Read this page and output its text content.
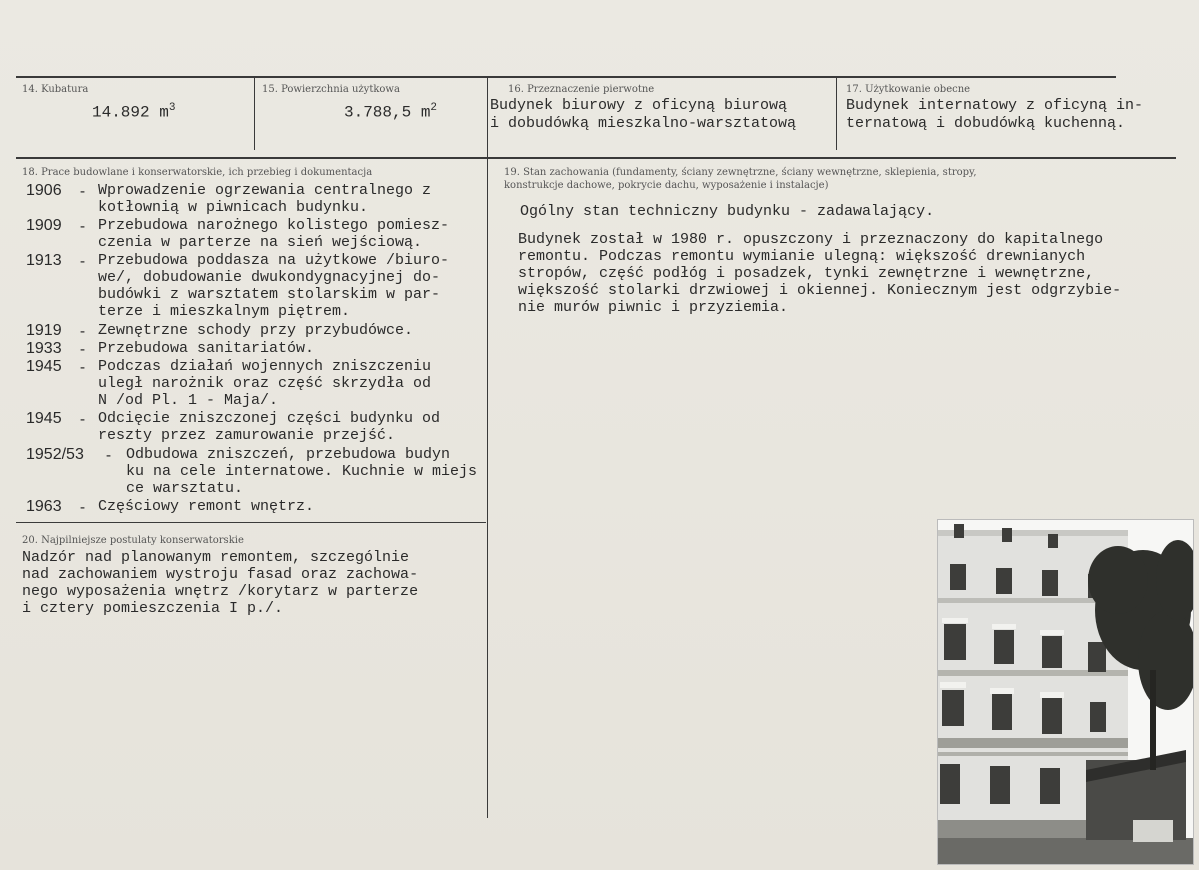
14. Kubatura
14.892 $m^3$
15. Powierzchnia użytkowa
3.788,5 $m^2$
16. Przeznaczenie pierwotne
Budynek biurowy z oficyną biurową
i dobudówką mieszkalno-warsztatową
17. Użytkowanie obecne
Budynek internatowy z oficyną in-
ternatową i dobudówką kuchenną.
18. Prace budowlane i konserwatorskie, ich przebieg i dokumentacja
1906 - Wprowadzenie ogrzewania centralnego z
kotłownią w piwnicach budynku.
1909 - Przebudowa narożnego kolistego pomiesz-
czenia w parterze na sień wejściową.
1913 - Przebudowa poddasza na użytkowe /biuro-
we/, dobudowanie dwukondygnacyjnej do-
budówki z warsztatem stolarskim w par-
terze i mieszkalnym piętrem.
1919 - Zewnętrzne schody przy przybudówce.
1933 - Przebudowa sanitariatów.
1945 - Podczas działań wojennych zniszczeniu
uległ narożnik oraz część skrzydła od
N /od Pl. 1 - Maja/.
1945 - Odcięcie zniszczonej części budynku od
reszty przez zamurowanie przejść.
1952/53 - Odbudowa zniszczeń, przebudowa budyn
ku na cele internatowe. Kuchnie w miejs
ce warsztatu.
1963 - Częściowy remont wnętrz.
19. Stan zachowania (fundamenty, ściany zewnętrzne, ściany wewnętrzne, sklepienia, stropy,
konstrukcje dachowe, pokrycie dachu, wyposażenie i instalacje)
Ogólny stan techniczny budynku - zadawalający.
Budynek został w 1980 r. opuszczony i przeznaczony do kapitalnego
remontu. Podczas remontu wymianie ulegną: większość drewnianych
stropów, część podłóg i posadzek, tynki zewnętrzne i wewnętrzne,
większość stolarki drzwiowej i okiennej. Koniecznym jest odgrzybie-
nie murów piwnic i przyziemia.
20. Najpilniejsze postulaty konserwatorskie
Nadzór nad planowanym remontem, szczególnie
nad zachowaniem wystroju fasad oraz zachowa-
nego wyposażenia wnętrz /korytarz w parterze
i cztery pomieszczenia I p./.
